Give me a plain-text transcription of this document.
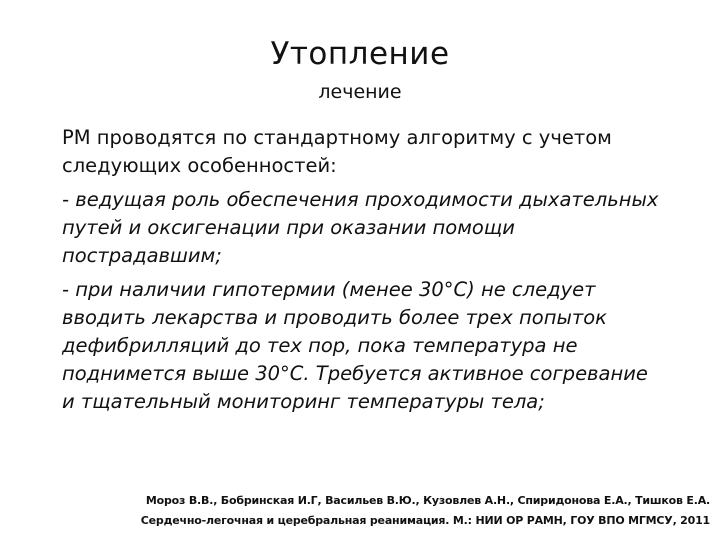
Утопление
лечение

РМ проводятся по стандартному алгоритму с учетом следующих особенностей:

- ведущая роль обеспечения проходимости дыхательных путей и оксигенации при оказании помощи пострадавшим;

- при наличии гипотермии (менее 30°С) не следует вводить лекарства и проводить более трех попыток дефибрилляций до тех пор, пока температура не поднимется выше 30°С. Требуется активное согревание и тщательный мониторинг температуры тела;

Мороз В.В., Бобринская И.Г, Васильев В.Ю., Кузовлев А.Н., Спиридонова Е.А., Тишков Е.А.
Сердечно-легочная и церебральная реанимация. М.: НИИ ОР РАМН, ГОУ ВПО МГМСУ, 2011
